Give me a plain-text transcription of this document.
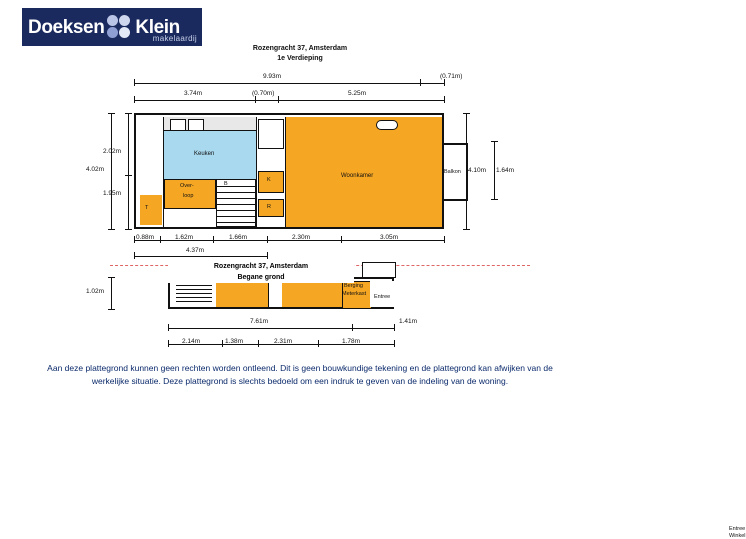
Doeksen Klein
makelaardij
Rozengracht 37, Amsterdam
1e Verdieping
9.93m	(0.71m)
3.74m	(0.70m)	5.25m
4.02m
2.02m
1.95m
4.10m 1.64m
T
Keuken
Over-
loop
B
K
R
Woonkamer
Balkon
0.88m	1.62m	1.66m	2.30m	3.05m
4.37m
Rozengracht 37, Amsterdam
Begane grond
Entree
Winkel
Berging
Meterkast Entree
1.02m
7.61m	1.41m
2.14m	1.38m	2.31m	1.78m
Aan deze plattegrond kunnen geen rechten worden ontleend. Dit is geen bouwkundige tekening en de plattegrond kan afwijken van de
werkelijke situatie. Deze plattegrond is slechts bedoeld om een indruk te geven van de indeling van de woning.
